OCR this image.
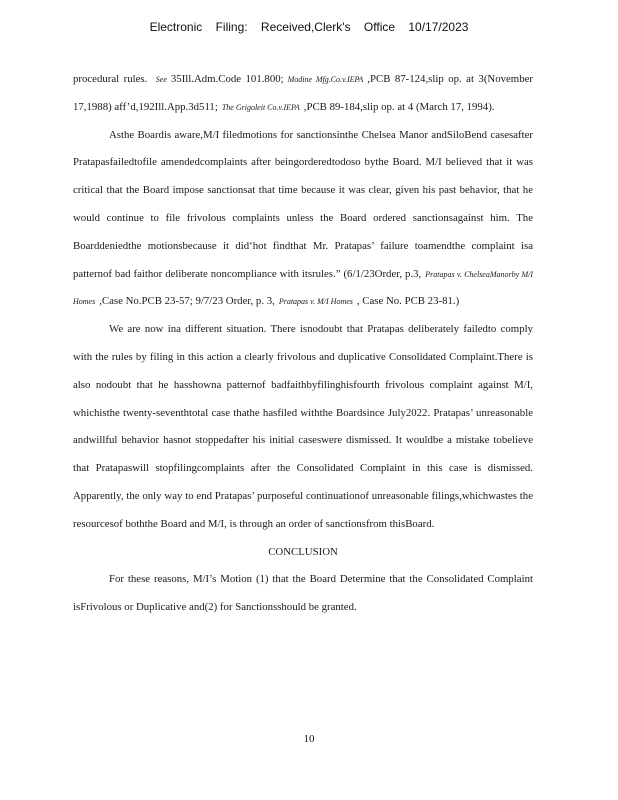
Electronic Filing: Received,Clerk's Office 10/17/2023

procedural rules. See 35Ill.Adm.Code 101.800; Modine Mfg.Co.v.IEPA ,PCB 87-124,slip op. at 3(November 17,1988) aff’d,192Ill.App.3d511; The Grigoleit Co.v.IEPA ,PCB 89-184,slip op. at 4 (March 17, 1994).

Asthe Boardis aware,M/I filedmotions for sanctionsinthe Chelsea Manor andSiloBend casesafter Pratapasfailedtofile amendedcomplaints after beingorderedtodoso bythe Board. M/I believed that it was critical that the Board impose sanctionsat that time because it was clear, given his past behavior, that he would continue to file frivolous complaints unless the Board ordered sanctionsagainst him. The Boarddeniedthe motionsbecause it did‘hot findthat Mr. Pratapas’ failure toamendthe complaint isa patternof bad faithor deliberate noncompliance with itsrules.” (6/1/23Order, p.3, Pratapas v. ChelseaManorby M/I Homes ,Case No.PCB 23-57; 9/7/23 Order, p. 3, Pratapas v. M/I Homes , Case No. PCB 23-81.)

We are now ina different situation. There isnodoubt that Pratapas deliberately failedto comply with the rules by filing in this action a clearly frivolous and duplicative Consolidated Complaint.There is also nodoubt that he hasshowna patternof badfaithbyfilinghisfourth frivolous complaint against M/I, whichisthe twenty-seventhtotal case thathe hasfiled withthe Boardsince July2022. Pratapas’ unreasonable andwillful behavior hasnot stoppedafter his initial caseswere dismissed. It wouldbe a mistake tobelieve that Pratapaswill stopfilingcomplaints after the Consolidated Complaint in this case is dismissed. Apparently, the only way to end Pratapas’ purposeful continuationof unreasonable filings,whichwastes the resourcesof boththe Board and M/I, is through an order of sanctionsfrom thisBoard.

CONCLUSION

For these reasons, M/I’s Motion (1) that the Board Determine that the Consolidated Complaint isFrivolous or Duplicative and(2) for Sanctionsshould be granted.

10
